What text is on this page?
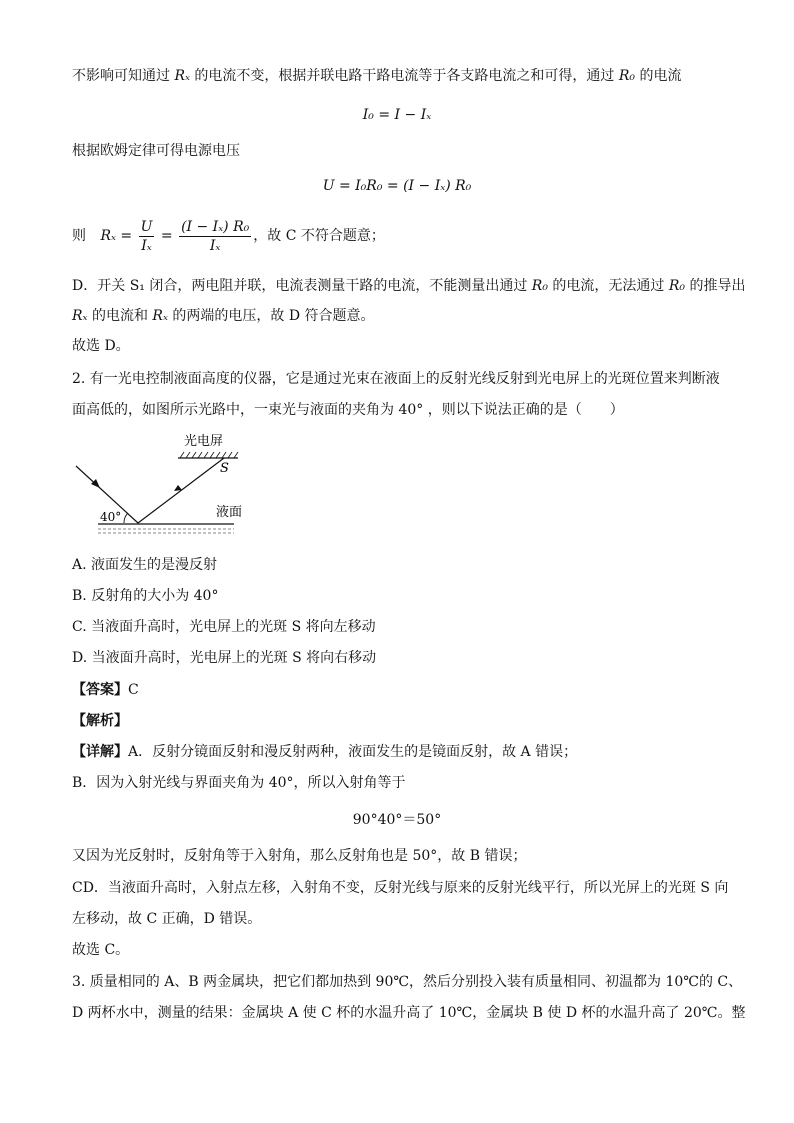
不影响可知通过 Rₓ 的电流不变，根据并联电路干路电流等于各支路电流之和可得，通过 R₀ 的电流
I₀ = I − Iₓ
根据欧姆定律可得电源电压
U = I₀R₀ = (I − Iₓ) R₀
则 $R_x = \frac{U}{\text{Iₓ}} = \frac{\text{(I − Iₓ) R₀}}{\text{Iₓ}}$ ，故 C 不符合题意；
D．开关 S₁ 闭合，两电阻并联，电流表测量干路的电流，不能测量出通过 R₀ 的电流，无法通过 R₀ 的推导出
Rₓ 的电流和 Rₓ 的两端的电压，故 D 符合题意。
故选 D。
2. 有一光电控制液面高度的仪器，它是通过光束在液面上的反射光线反射到光电屏上的光斑位置来判断液
面高低的，如图所示光路中，一束光与液面的夹角为 40° ，则以下说法正确的是（　　）
光电屏
S
40°	液面
A. 液面发生的是漫反射
B. 反射角的大小为 40°
C. 当液面升高时，光电屏上的光斑 S 将向左移动
D. 当液面升高时，光电屏上的光斑 S 将向右移动
【答案】C
【解析】
【详解】A．反射分镜面反射和漫反射两种，液面发生的是镜面反射，故 A 错误；
B．因为入射光线与界面夹角为 40°，所以入射角等于
90°40°＝50°
又因为光反射时，反射角等于入射角，那么反射角也是 50°，故 B 错误；
CD．当液面升高时，入射点左移，入射角不变，反射光线与原来的反射光线平行，所以光屏上的光斑 S 向
左移动，故 C 正确，D 错误。
故选 C。
3. 质量相同的 A、B 两金属块，把它们都加热到 90℃，然后分别投入装有质量相同、初温都为 10℃的 C、
D 两杯水中，测量的结果：金属块 A 使 C 杯的水温升高了 10℃，金属块 B 使 D 杯的水温升高了 20℃。整
